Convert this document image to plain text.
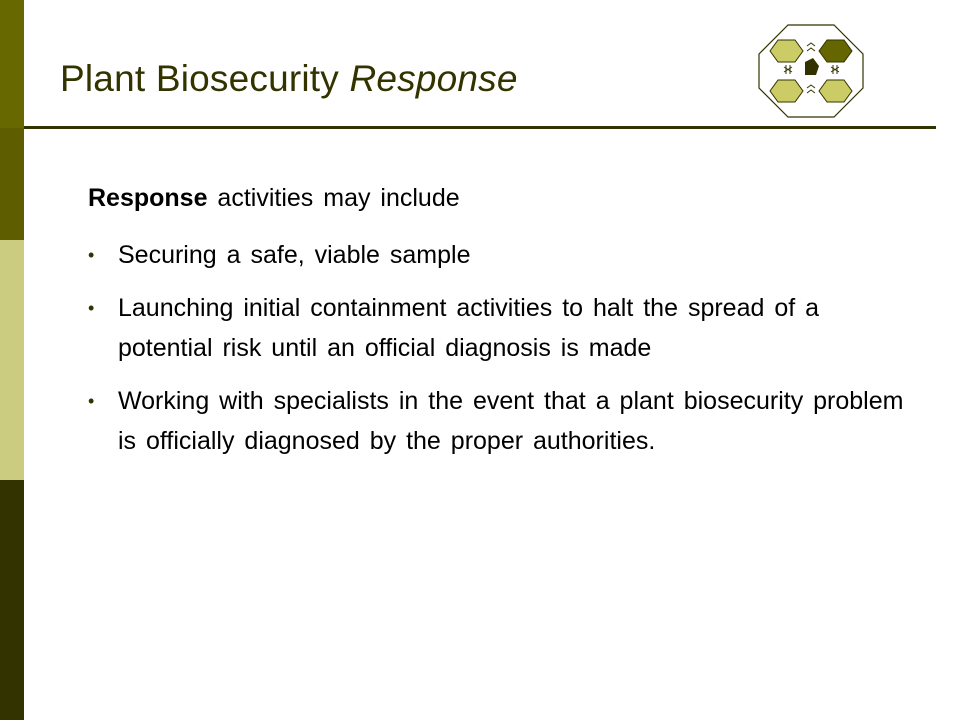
Plant Biosecurity Response

Response activities may include

• Securing a safe, viable sample
• Launching initial containment activities to halt the spread of a potential risk until an official diagnosis is made
• Working with specialists in the event that a plant biosecurity problem is officially diagnosed by the proper authorities.
